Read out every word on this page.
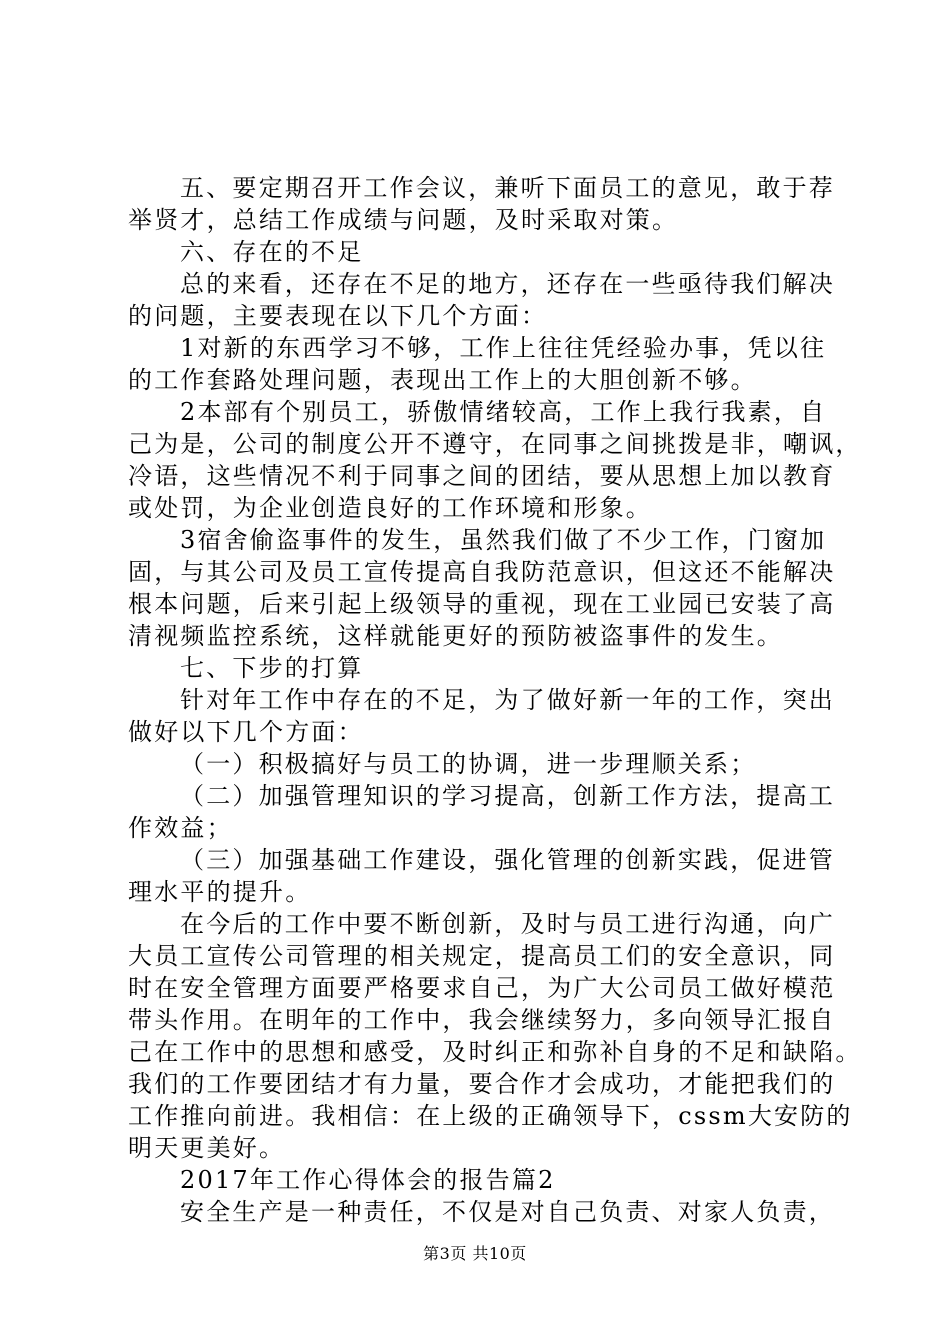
五、要定期召开工作会议，兼听下面员工的意见，敢于荐
举贤才，总结工作成绩与问题，及时采取对策。
六、存在的不足
总的来看，还存在不足的地方，还存在一些亟待我们解决
的问题，主要表现在以下几个方面：
1对新的东西学习不够，工作上往往凭经验办事，凭以往
的工作套路处理问题，表现出工作上的大胆创新不够。
2本部有个别员工，骄傲情绪较高，工作上我行我素，自
己为是，公司的制度公开不遵守，在同事之间挑拨是非，嘲讽，
冷语，这些情况不利于同事之间的团结，要从思想上加以教育
或处罚，为企业创造良好的工作环境和形象。
3宿舍偷盗事件的发生，虽然我们做了不少工作，门窗加
固，与其公司及员工宣传提高自我防范意识，但这还不能解决
根本问题，后来引起上级领导的重视，现在工业园已安装了高
清视频监控系统，这样就能更好的预防被盗事件的发生。
七、下步的打算
针对年工作中存在的不足，为了做好新一年的工作，突出
做好以下几个方面：
（一）积极搞好与员工的协调，进一步理顺关系；
（二）加强管理知识的学习提高，创新工作方法，提高工
作效益；
（三）加强基础工作建设，强化管理的创新实践，促进管
理水平的提升。
在今后的工作中要不断创新，及时与员工进行沟通，向广
大员工宣传公司管理的相关规定，提高员工们的安全意识，同
时在安全管理方面要严格要求自己，为广大公司员工做好模范
带头作用。在明年的工作中，我会继续努力，多向领导汇报自
己在工作中的思想和感受，及时纠正和弥补自身的不足和缺陷。
我们的工作要团结才有力量，要合作才会成功，才能把我们的
工作推向前进。我相信：在上级的正确领导下，cssm大安防的
明天更美好。
2017年工作心得体会的报告篇2
安全生产是一种责任，不仅是对自己负责、对家人负责，
第3页 共10页
